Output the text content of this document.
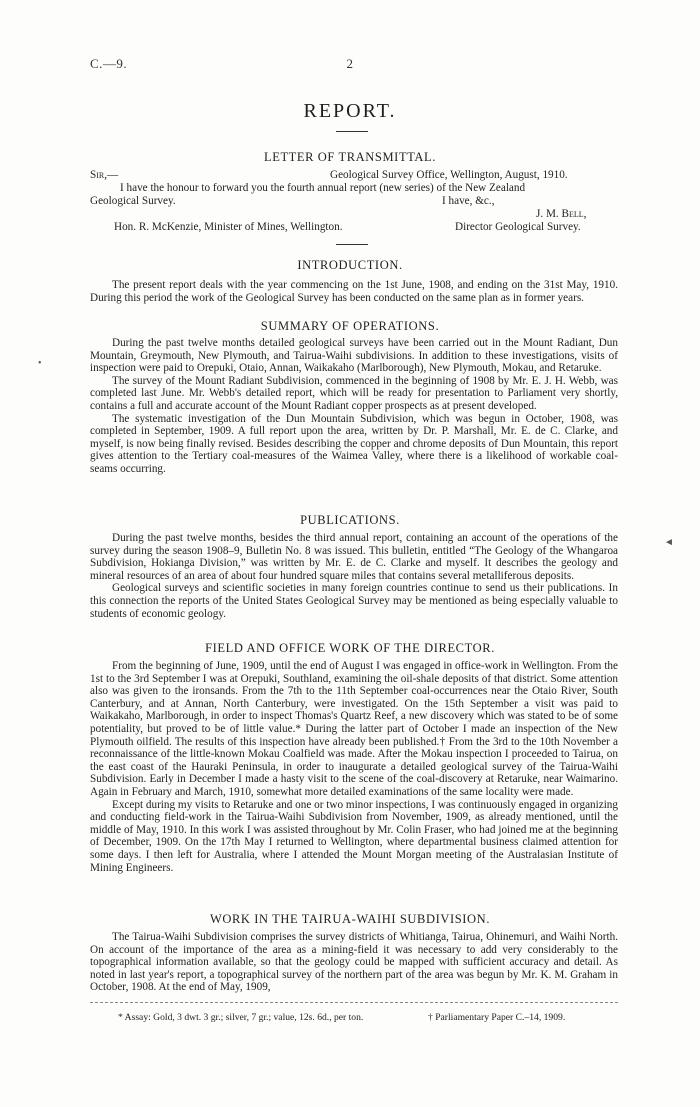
C.—9.	2
REPORT.
LETTER OF TRANSMITTAL.
Sir,—	Geological Survey Office, Wellington, August, 1910.
I have the honour to forward you the fourth annual report (new series) of the New Zealand
Geological Survey.	I have, &c.,
J. M. Bell,
Hon. R. McKenzie, Minister of Mines, Wellington.	Director Geological Survey.
INTRODUCTION.

The present report deals with the year commencing on the 1st June, 1908, and ending on the 31st May, 1910. During this period the work of the Geological Survey has been conducted on the same plan as in former years.

SUMMARY OF OPERATIONS.

During the past twelve months detailed geological surveys have been carried out in the Mount Radiant, Dun Mountain, Greymouth, New Plymouth, and Tairua-Waihi subdivisions. In addition to these investigations, visits of inspection were paid to Orepuki, Otaio, Annan, Waikakaho (Marlborough), New Plymouth, Mokau, and Retaruke.

The survey of the Mount Radiant Subdivision, commenced in the beginning of 1908 by Mr. E. J. H. Webb, was completed last June. Mr. Webb's detailed report, which will be ready for presentation to Parliament very shortly, contains a full and accurate account of the Mount Radiant copper prospects as at present developed.

The systematic investigation of the Dun Mountain Subdivision, which was begun in October, 1908, was completed in September, 1909. A full report upon the area, written by Dr. P. Marshall, Mr. E. de C. Clarke, and myself, is now being finally revised. Besides describing the copper and chrome deposits of Dun Mountain, this report gives attention to the Tertiary coal-measures of the Waimea Valley, where there is a likelihood of workable coal-seams occurring.

PUBLICATIONS.

During the past twelve months, besides the third annual report, containing an account of the operations of the survey during the season 1908–9, Bulletin No. 8 was issued. This bulletin, entitled “The Geology of the Whangaroa Subdivision, Hokianga Division,” was written by Mr. E. de C. Clarke and myself. It describes the geology and mineral resources of an area of about four hundred square miles that contains several metalliferous deposits.

Geological surveys and scientific societies in many foreign countries continue to send us their publications. In this connection the reports of the United States Geological Survey may be mentioned as being especially valuable to students of economic geology.

FIELD AND OFFICE WORK OF THE DIRECTOR.

From the beginning of June, 1909, until the end of August I was engaged in office-work in Wellington. From the 1st to the 3rd September I was at Orepuki, Southland, examining the oil-shale deposits of that district. Some attention also was given to the ironsands. From the 7th to the 11th September coal-occurrences near the Otaio River, South Canterbury, and at Annan, North Canterbury, were investigated. On the 15th September a visit was paid to Waikakaho, Marlborough, in order to inspect Thomas's Quartz Reef, a new discovery which was stated to be of some potentiality, but proved to be of little value.* During the latter part of October I made an inspection of the New Plymouth oilfield. The results of this inspection have already been published.† From the 3rd to the 10th November a reconnaissance of the little-known Mokau Coalfield was made. After the Mokau inspection I proceeded to Tairua, on the east coast of the Hauraki Peninsula, in order to inaugurate a detailed geological survey of the Tairua-Waihi Subdivision. Early in December I made a hasty visit to the scene of the coal-discovery at Retaruke, near Waimarino. Again in February and March, 1910, somewhat more detailed examinations of the same locality were made.

Except during my visits to Retaruke and one or two minor inspections, I was continuously engaged in organizing and conducting field-work in the Tairua-Waihi Subdivision from November, 1909, as already mentioned, until the middle of May, 1910. In this work I was assisted throughout by Mr. Colin Fraser, who had joined me at the beginning of December, 1909. On the 17th May I returned to Wellington, where departmental business claimed attention for some days. I then left for Australia, where I attended the Mount Morgan meeting of the Australasian Institute of Mining Engineers.

WORK IN THE TAIRUA-WAIHI SUBDIVISION.

The Tairua-Waihi Subdivision comprises the survey districts of Whitianga, Tairua, Ohinemuri, and Waihi North. On account of the importance of the area as a mining-field it was necessary to add very considerably to the topographical information available, so that the geology could be mapped with sufficient accuracy and detail. As noted in last year's report, a topographical survey of the northern part of the area was begun by Mr. K. M. Graham in October, 1908. At the end of May, 1909,

* Assay: Gold, 3 dwt. 3 gr.; silver, 7 gr.; value, 12s. 6d., per ton.	† Parliamentary Paper C.–14, 1909.
•
◄
